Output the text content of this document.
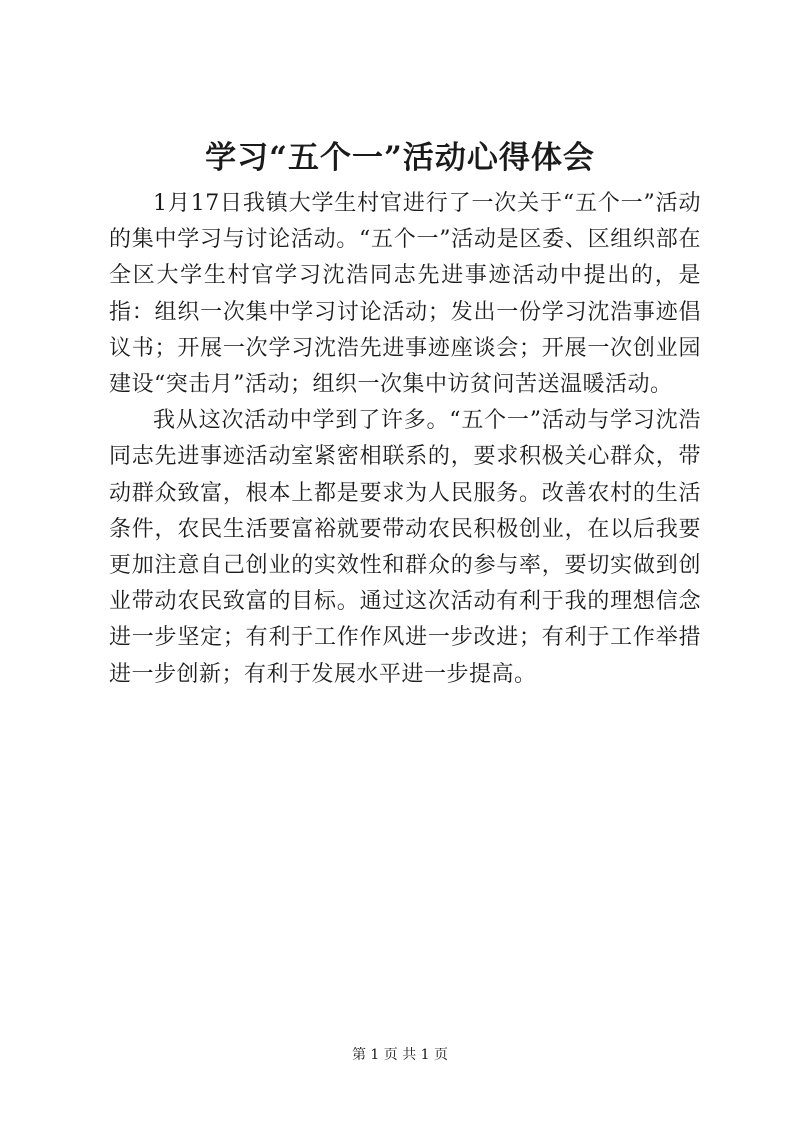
学习“五个一”活动心得体会

1月17日我镇大学生村官进行了一次关于“五个一”活动的集中学习与讨论活动。“五个一”活动是区委、区组织部在全区大学生村官学习沈浩同志先进事迹活动中提出的，是指：组织一次集中学习讨论活动；发出一份学习沈浩事迹倡议书；开展一次学习沈浩先进事迹座谈会；开展一次创业园建设“突击月”活动；组织一次集中访贫问苦送温暖活动。

我从这次活动中学到了许多。“五个一”活动与学习沈浩同志先进事迹活动室紧密相联系的，要求积极关心群众，带动群众致富，根本上都是要求为人民服务。改善农村的生活条件，农民生活要富裕就要带动农民积极创业，在以后我要更加注意自己创业的实效性和群众的参与率，要切实做到创业带动农民致富的目标。通过这次活动有利于我的理想信念进一步坚定；有利于工作作风进一步改进；有利于工作举措进一步创新；有利于发展水平进一步提高。

第 1 页 共 1 页
